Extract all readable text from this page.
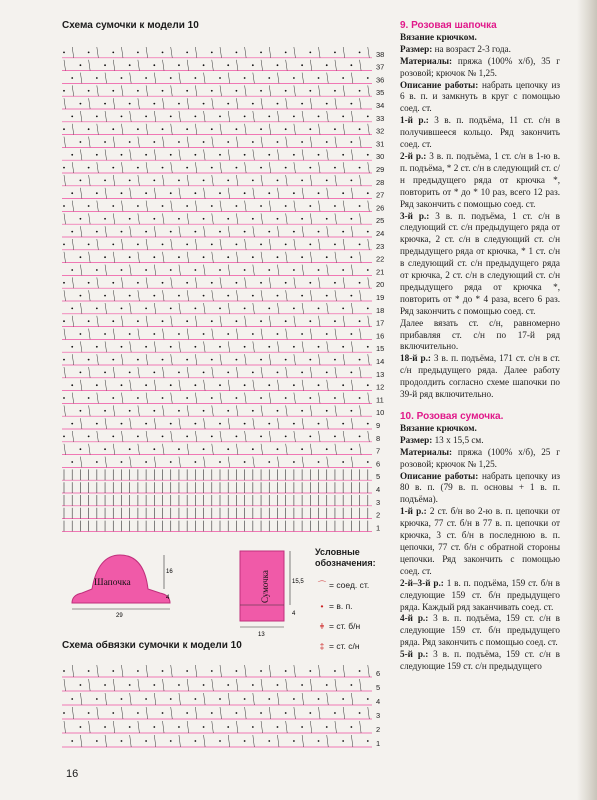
Схема сумочки к модели 10
38
37
36
35
34
33
32
31
30
29
28
27
26
25
24
23
22
21
20
19
18
17
16
15
14
13
12
11
10
9
8
7
6
5
4
3
2
1
Шапочка
29
16
4	Сумочка
13
15,5
4
Условные обозначения:
⌒ = соед. ст.
• = в. п.
ǂ = ст. б/н
‡ = ст. с/н
Схема обвязки сумочки к модели 10
6
5
4
3
2
1

9. Розовая шапочка

Вязание крючком.

Размер: на возраст 2-3 года.

Материалы: пряжа (100% х/б), 35 г розовой; крючок № 1,25.

Описание работы: набрать цепочку из 6 в. п. и замкнуть в круг с помощью соед. ст.

1-й р.: 3 в. п. подъёма, 11 ст. с/н в получившееся кольцо. Ряд закончить соед. ст.

2-й р.: 3 в. п. подъёма, 1 ст. с/н в 1-ю в. п. подъёма, * 2 ст. с/н в следующий ст. с/н предыдущего ряда от крючка *, повторить от * до * 10 раз, всего 12 раз. Ряд закончить с помощью соед. ст.

3-й р.: 3 в. п. подъёма, 1 ст. с/н в следующий ст. с/н предыдущего ряда от крючка, 2 ст. с/н в следующий ст. с/н предыдущего ряда от крючка, * 1 ст. с/н в следующий ст. с/н предыдущего ряда от крючка, 2 ст. с/н в следующий ст. с/н предыдущего ряда от крючка *, повторить от * до * 4 раза, всего 6 раз. Ряд закончить с помощью соед. ст.

Далее вязать ст. с/н, равномерно прибавляя ст. с/н по 17-й ряд включительно.

18-й р.: 3 в. п. подъёма, 171 ст. с/н в ст. с/н предыдущего ряда. Далее работу продолдить согласно схеме шапочки по 39-й ряд включительно.

10. Розовая сумочка.

Вязание крючком.

Размер: 13 х 15,5 см.

Материалы: пряжа (100% х/б), 25 г розовой; крючок № 1,25.

Описание работы: набрать цепочку из 80 в. п. (79 в. п. основы + 1 в. п. подъёма).

1-й р.: 2 ст. б/н во 2-ю в. п. цепочки от крючка, 77 ст. б/н в 77 в. п. цепочки от крючка, 3 ст. б/н в последнюю в. п. цепочки, 77 ст. б/н с обратной стороны цепочки. Ряд закончить с помощью соед. ст.

2-й–3-й р.: 1 в. п. подъёма, 159 ст. б/н в следующие 159 ст. б/н предыдущего ряда. Каждый ряд заканчивать соед. ст.

4-й р.: 3 в. п. подъёма, 159 ст. с/н в следующие 159 ст. б/н предыдущего ряда. Ряд закончить с помощью соед. ст.

5-й р.: 3 в. п. подъёма, 159 ст. с/н в следующие 159 ст. с/н предыдущего

16
